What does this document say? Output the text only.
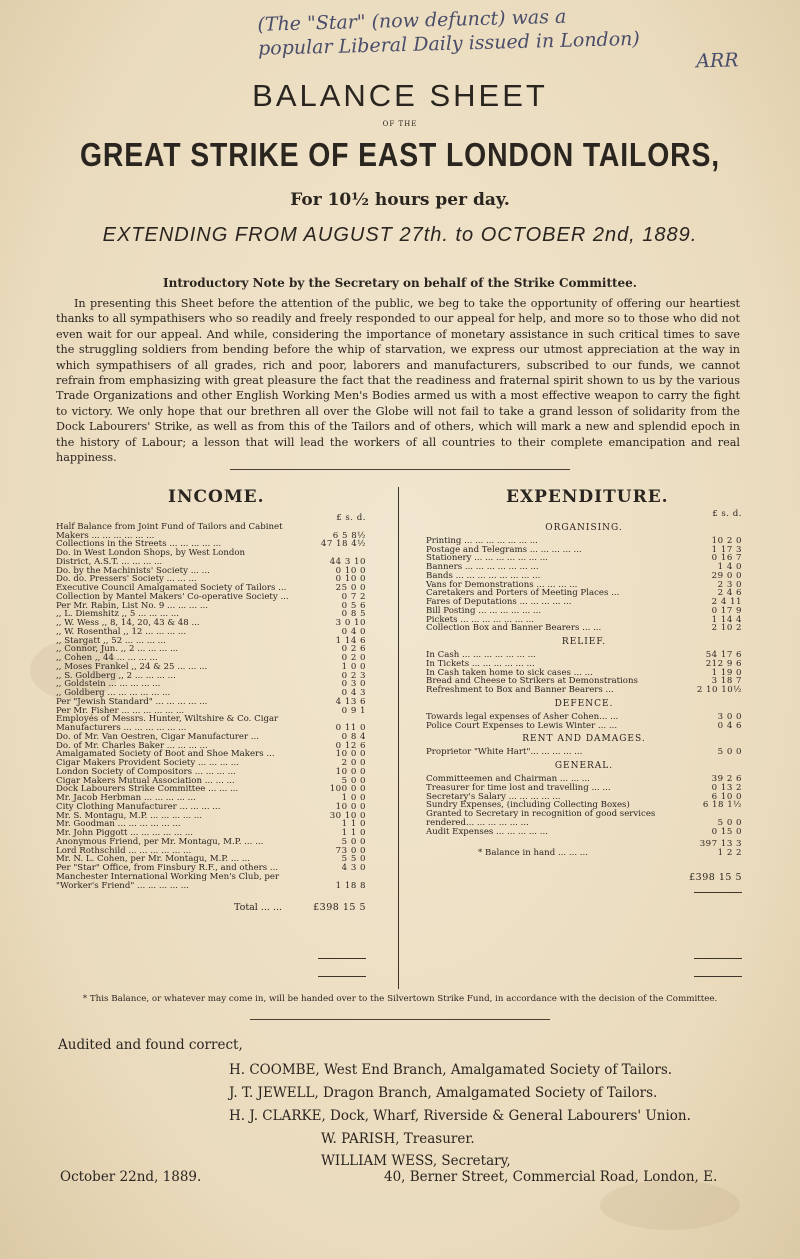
(The "Star" (now defunct) was a
popular Liberal Daily issued in London)

ARR
BALANCE SHEET
OF THE
GREAT STRIKE OF EAST LONDON TAILORS,
For 10½ hours per day.
EXTENDING FROM AUGUST 27th. to OCTOBER 2nd, 1889.
Introductory Note by the Secretary on behalf of the Strike Committee.
In presenting this Sheet before the attention of the public, we beg to take the opportunity of offering our heartiest thanks to all sympathisers who so readily and freely responded to our appeal for help, and more so to those who did not even wait for our appeal. And while, considering the importance of monetary assistance in such critical times to save the struggling soldiers from bending before the whip of starvation, we express our utmost appreciation at the way in which sympathisers of all grades, rich and poor, laborers and manufacturers, subscribed to our funds, we cannot refrain from emphasizing with great pleasure the fact that the readiness and fraternal spirit shown to us by the various Trade Organizations and other English Working Men's Bodies armed us with a most effective weapon to carry the fight to victory. We only hope that our brethren all over the Globe will not fail to take a grand lesson of solidarity from the Dock Labourers' Strike, as well as from this of the Tailors and of others, which will mark a new and splendid epoch in the history of Labour; a lesson that will lead the workers of all countries to their complete emancipation and real happiness.
INCOME.	EXPENDITURE.
£ s. d.
Half Balance from Joint Fund of Tailors and Cabinet
Makers ... ... ... ... ... ...	6 5 8½
Collections in the Streets ... ... ... ... ...	47 18 4½
Do. in West London Shops, by West London
District, A.S.T. ... ... ... ...	44 3 10
Do. by the Machinists' Society ... ...	0 10 0
Do. do. Pressers' Society ... ... ...	0 10 0
Executive Council Amalgamated Society of Tailors ...	25 0 0
Collection by Mantel Makers' Co-operative Society ...	0 7 2
Per Mr. Rabin, List No. 9 ... ... ... ...	0 5 6
,, L. Diemshitz ,, 5 ... ... ... ...	0 8 5
,, W. Wess ,, 8, 14, 20, 43 & 48 ...	3 0 10
,, W. Rosenthal ,, 12 ... ... ... ...	0 4 0
,, Stargatt ,, 52 ... ... ... ...	1 14 6
,, Connor, Jun. ,, 2 ... ... ... ...	0 2 6
,, Cohen ,, 44 ... ... ... ...	0 2 0
,, Moses Frankel ,, 24 & 25 ... ... ...	1 0 0
,, S. Goldberg ,, 2 ... ... ... ...	0 2 3
,, Goldstein ... ... ... ... ...	0 3 0
,, Goldberg ... ... ... ... ... ...	0 4 3
Per "Jewish Standard" ... ... ... ... ...	4 13 6
Per Mr. Fisher ... ... ... ... ... ...	0 9 1
Employés of Messrs. Hunter, Wiltshire & Co. Cigar
Manufacturers ... ... ... ... ... ...	0 11 0
Do. of Mr. Van Oestren, Cigar Manufacturer ...	0 8 4
Do. of Mr. Charles Baker ... ... ... ...	0 12 6
Amalgamated Society of Boot and Shoe Makers ...	10 0 0
Cigar Makers Provident Society ... ... ... ...	2 0 0
London Society of Compositors ... ... ... ...	10 0 0
Cigar Makers Mutual Association ... ... ...	5 0 0
Dock Labourers Strike Committee ... ... ...	100 0 0
Mr. Jacob Herbman ... ... ... ... ...	1 0 0
City Clothing Manufacturer ... ... ... ...	10 0 0
Mr. S. Montagu, M.P. ... ... ... ... ...	30 10 0
Mr. Goodman ... ... ... ... ... ...	1 1 0
Mr. John Piggott ... ... ... ... ... ...	1 1 0
Anonymous Friend, per Mr. Montagu, M.P. ... ...	5 0 0
Lord Rothschild ... ... ... ... ... ...	73 0 0
Mr. N. L. Cohen, per Mr. Montagu, M.P. ... ...	5 5 0
Per "Star" Office, from Finsbury R.F., and others ...	4 3 0
Manchester International Working Men's Club, per
"Worker's Friend" ... ... ... ... ...	1 18 8
Total ... ...	£398 15 5
£ s. d.
ORGANISING.
Printing ... ... ... ... ... ... ...	10 2 0
Postage and Telegrams ... ... ... ... ...	1 17 3
Stationery ... ... ... ... ... ... ...	0 16 7
Banners ... ... ... ... ... ... ...	1 4 0
Bands ... ... ... ... ... ... ... ...	29 0 0
Vans for Demonstrations ... ... ... ...	2 3 0
Caretakers and Porters of Meeting Places ...	2 4 6
Fares of Deputations ... ... ... ... ...	2 4 11
Bill Posting ... ... ... ... ... ...	0 17 9
Pickets ... ... ... ... ... ... ...	1 14 4
Collection Box and Banner Bearers ... ...	2 10 2
RELIEF.
In Cash ... ... ... ... ... ... ...	54 17 6
In Tickets ... ... ... ... ... ...	212 9 6
In Cash taken home to sick cases ... ...	1 19 0
Bread and Cheese to Strikers at Demonstrations	3 18 7
Refreshment to Box and Banner Bearers ...	2 10 10½
DEFENCE.
Towards legal expenses of Asher Cohen... ...	3 0 0
Police Court Expenses to Lewis Winter ... ...	0 4 6
RENT AND DAMAGES.
Proprietor "White Hart"... ... ... ... ...	5 0 0
GENERAL.
Committeemen and Chairman ... ... ...	39 2 6
Treasurer for time lost and travelling ... ...	0 13 2
Secretary's Salary ... ... ... ... ...	6 10 0
Sundry Expenses, (including Collecting Boxes)	6 18 1½
Granted to Secretary in recognition of good services
rendered... ... ... ... ... ...	5 0 0
Audit Expenses ... ... ... ... ...	0 15 0
397 13 3
* Balance in hand ... ... ...	1 2 2
£398 15 5
* This Balance, or whatever may come in, will be handed over to the Silvertown Strike Fund, in accordance with the decision of the Committee.
Audited and found correct,
H. COOMBE, West End Branch, Amalgamated Society of Tailors.
J. T. JEWELL, Dragon Branch, Amalgamated Society of Tailors.
H. J. CLARKE, Dock, Wharf, Riverside & General Labourers' Union.
W. PARISH, Treasurer.
WILLIAM WESS, Secretary,
October 22nd, 1889.	40, Berner Street, Commercial Road, London, E.
